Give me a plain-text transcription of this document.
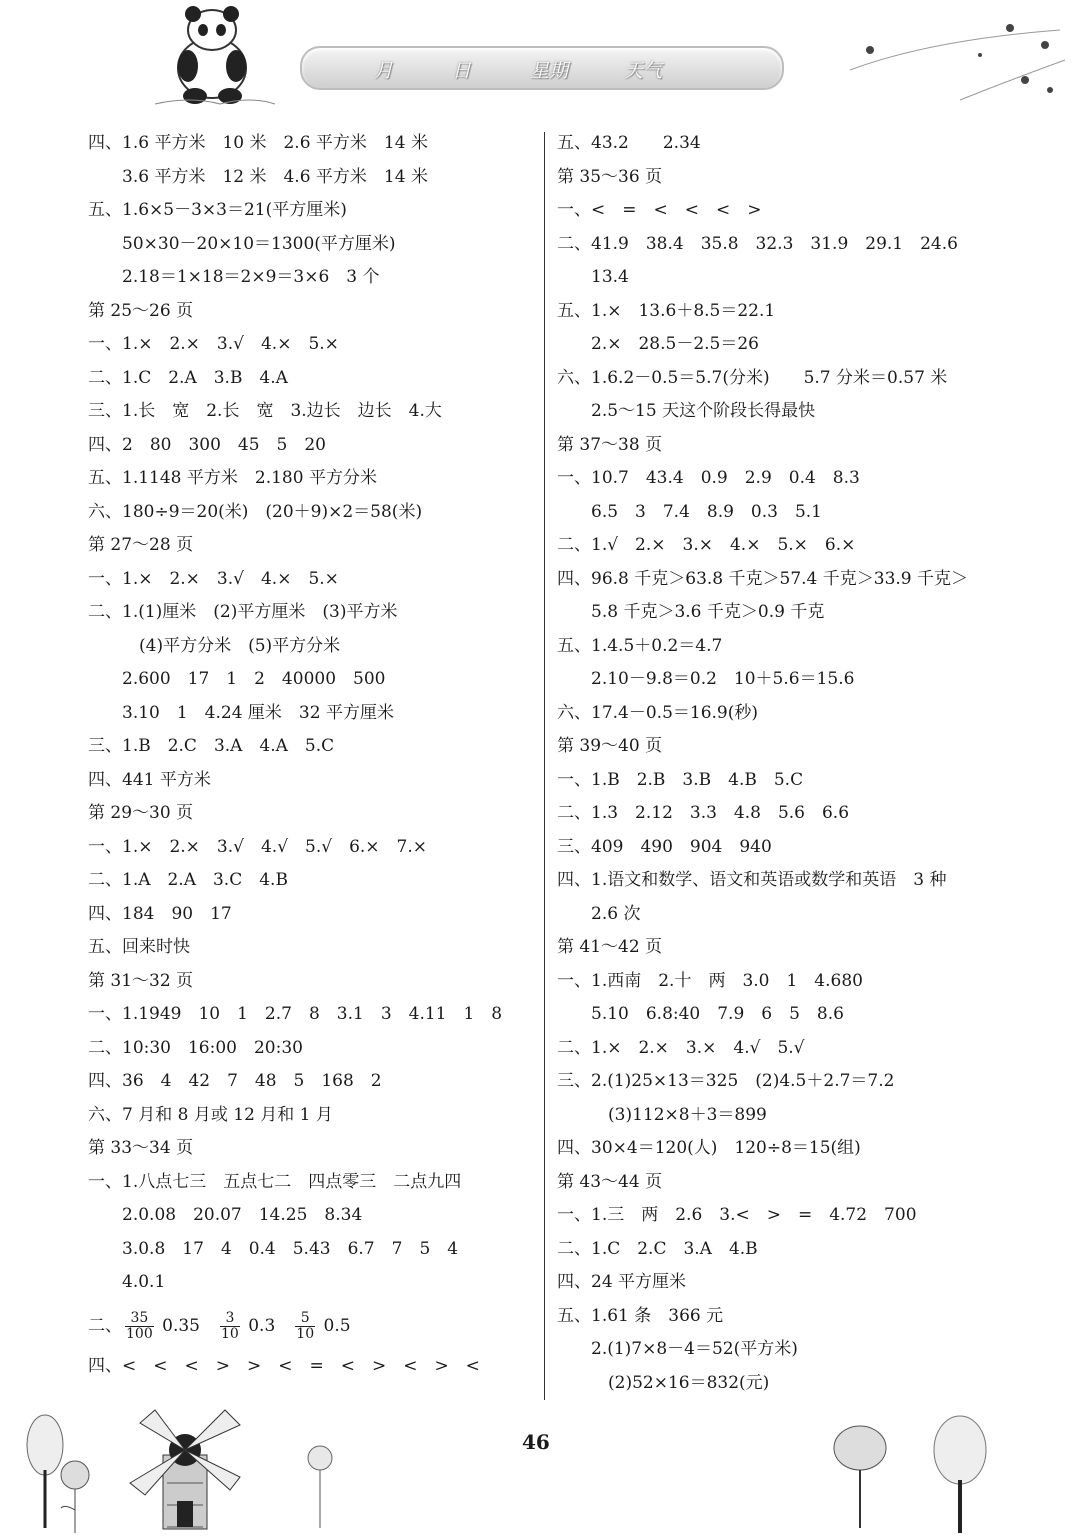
月	日	星期	天气
四、1.6 平方米　10 米　2.6 平方米　14 米
　　3.6 平方米　12 米　4.6 平方米　14 米
五、1.6×5－3×3＝21(平方厘米)
　　50×30－20×10＝1300(平方厘米)
　　2.18＝1×18＝2×9＝3×6　3 个
第 25～26 页
一、1.×　2.×　3.√　4.×　5.×
二、1.C　2.A　3.B　4.A
三、1.长　宽　2.长　宽　3.边长　边长　4.大
四、2　80　300　45　5　20
五、1.1148 平方米　2.180 平方分米
六、180÷9＝20(米)　(20＋9)×2＝58(米)
第 27～28 页
一、1.×　2.×　3.√　4.×　5.×
二、1.(1)厘米　(2)平方厘米　(3)平方米
　　　(4)平方分米　(5)平方分米
　　2.600　17　1　2　40000　500
　　3.10　1　4.24 厘米　32 平方厘米
三、1.B　2.C　3.A　4.A　5.C
四、441 平方米
第 29～30 页
一、1.×　2.×　3.√　4.√　5.√　6.×　7.×
二、1.A　2.A　3.C　4.B
四、184　90　17
五、回来时快
第 31～32 页
一、1.1949　10　1　2.7　8　3.1　3　4.11　1　8
二、10:30　16:00　20:30
四、36　4　42　7　48　5　168　2
六、7 月和 8 月或 12 月和 1 月
第 33～34 页
一、1.八点七三　五点七二　四点零三　二点九四
　　2.0.08　20.07　14.25　8.34
　　3.0.8　17　4　0.4　5.43　6.7　7　5　4
　　4.0.1
二、 $\frac{35}{100} 0.35$　 $\frac{3}{10} 0.3$　 $\frac{5}{10} 0.5$　
四、<　<　<　>　>　<　=　<　>　<　>　<
五、43.2　　2.34
第 35～36 页
一、<　=　<　<　<　>
二、41.9　38.4　35.8　32.3　31.9　29.1　24.6
　　13.4
五、1.×　13.6＋8.5＝22.1
　　2.×　28.5－2.5＝26
六、1.6.2－0.5＝5.7(分米)　　5.7 分米＝0.57 米
　　2.5～15 天这个阶段长得最快
第 37～38 页
一、10.7　43.4　0.9　2.9　0.4　8.3
　　6.5　3　7.4　8.9　0.3　5.1
二、1.√　2.×　3.×　4.×　5.×　6.×
四、96.8 千克＞63.8 千克＞57.4 千克＞33.9 千克＞
　　5.8 千克＞3.6 千克＞0.9 千克
五、1.4.5＋0.2＝4.7
　　2.10－9.8＝0.2　10＋5.6＝15.6
六、17.4－0.5＝16.9(秒)
第 39～40 页
一、1.B　2.B　3.B　4.B　5.C
二、1.3　2.12　3.3　4.8　5.6　6.6
三、409　490　904　940
四、1.语文和数学、语文和英语或数学和英语　3 种
　　2.6 次
第 41～42 页
一、1.西南　2.十　两　3.0　1　4.680
　　5.10　6.8:40　7.9　6　5　8.6
二、1.×　2.×　3.×　4.√　5.√
三、2.(1)25×13＝325　(2)4.5＋2.7＝7.2
　　　(3)112×8＋3＝899
四、30×4＝120(人)　120÷8＝15(组)
第 43～44 页
一、1.三　两　2.6　3.<　>　=　4.72　700
二、1.C　2.C　3.A　4.B
四、24 平方厘米
五、1.61 条　366 元
　　2.(1)7×8－4＝52(平方米)
　　　(2)52×16＝832(元)
46
